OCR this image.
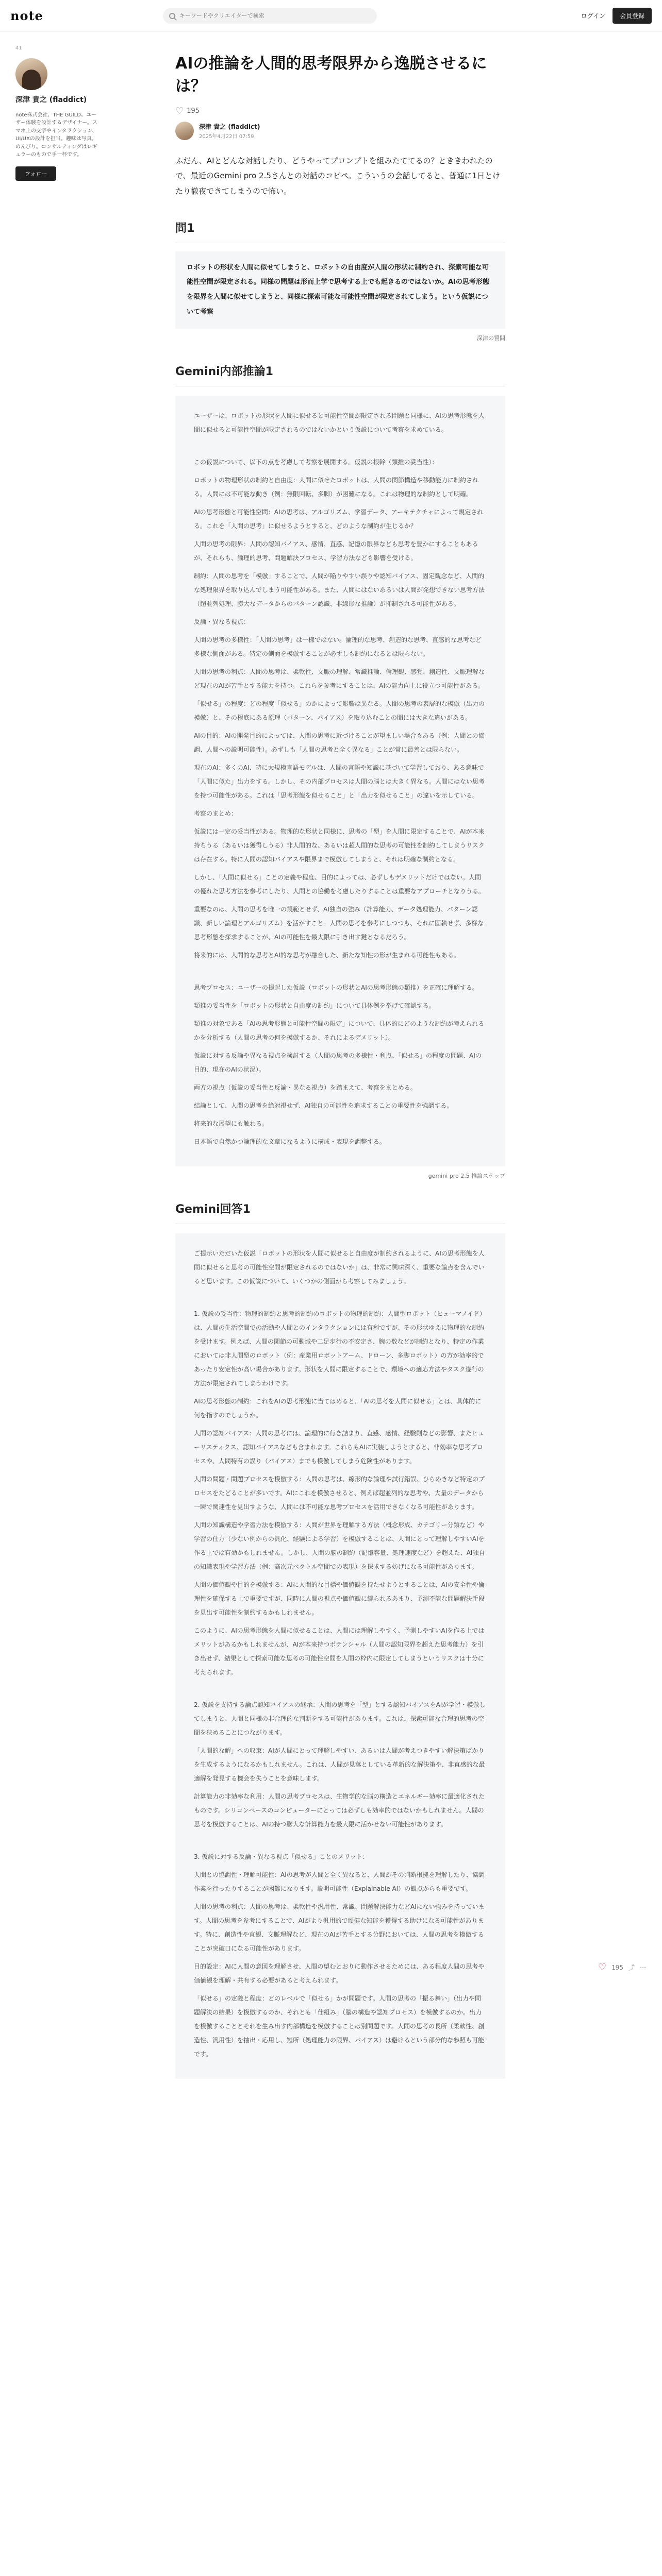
note
キーワードやクリエイターで検索	ログイン	会員登録
41
深津 貴之 (fladdict)
note株式会社、THE GUILD。ユーザー体験を設計するデザイナー。スマホ上の文字やインタラクション、UI/UXの設計を担当。趣味は写真。のんびり。コンサルティングはレギュラーのもので手一杯です。
フォロー
AIの推論を人間的思考限界から逸脱させるには？
♡ 195
深津 貴之 (fladdict)
2025年4月22日 07:59

ふだん、AIとどんな対話したり、どうやってプロンプトを組みたててるの？とききわれたので、最近のGemini pro 2.5さんとの対話のコピペ。こういうの会話してると、普通に1日とけたり徹夜できてしまうので怖い。

問1
ロボットの形状を人間に似せてしまうと、ロボットの自由度が人間の形状に制約され、探索可能な可能性空間が限定される。同様の問題は形而上学で思考する上でも起きるのではないか。AIの思考形態を限界を人間に似せてしまうと、同様に探索可能な可能性空間が限定されてしまう。という仮説について考察
深津の質問
Gemini内部推論1

ユーザーは、ロボットの形状を人間に似せると可能性空間が限定される問題と同様に、AIの思考形態を人間に似せると可能性空間が限定されるのではないかという仮説について考察を求めている。

この仮説について、以下の点を考慮して考察を展開する。仮説の根幹（類推の妥当性）：

ロボットの物理形状の制約と自由度：人間に似せたロボットは、人間の関節構造や移動能力に制約される。人間には不可能な動き（例：無限回転、多脚）が困難になる。これは物理的な制約として明確。

AIの思考形態と可能性空間：AIの思考は、アルゴリズム、学習データ、アーキテクチャによって規定される。これを「人間の思考」に似せるようとすると、どのような制約が生じるか？

人間の思考の限界：人間の認知バイアス、感情、直感、記憶の限界なども思考を豊かにすることもあるが、それらも、論理的思考、問題解決プロセス、学習方法なども影響を受ける。

制約：人間の思考を「模倣」することで、人間が陥りやすい誤りや認知バイアス、固定観念など、人間的な処理限界を取り込んでしまう可能性がある。また、人間にはないあるいは人間が発想できない思考方法（超並列処理、膨大なデータからのパターン認識、非線形な推論）が抑制される可能性がある。

反論・異なる視点：

人間の思考の多様性：「人間の思考」は一様ではない。論理的な思考、創造的な思考、直感的な思考など多様な側面がある。特定の側面を模倣することが必ずしも制約になるとは限らない。

人間の思考の利点：人間の思考は、柔軟性、文脈の理解、常識推論、倫理観、感覚、創造性、文脈理解など現在のAIが苦手とする能力を持つ。これらを参考にすることは、AIの能力向上に役立つ可能性がある。

「似せる」の程度：どの程度「似せる」のかによって影響は異なる。人間の思考の表層的な模倣（出力の模倣）と、その根底にある原理（パターン、バイアス）を取り込むことの間には大きな違いがある。

AIの目的：AIの開発目的によっては、人間の思考に近づけることが望ましい場合もある（例：人間との協調、人間への説明可能性）。必ずしも「人間の思考と全く異なる」ことが常に最善とは限らない。

現在のAI：多くのAI、特に大規模言語モデルは、人間の言語や知識に基づいて学習しており、ある意味で「人間に似た」出力をする。しかし、その内部プロセスは人間の脳とは大きく異なる。人間にはない思考を持つ可能性がある。これは「思考形態を似せること」と「出力を似せること」の違いを示している。

考察のまとめ：

仮説には一定の妥当性がある。物理的な形状と同様に、思考の「型」を人間に限定することで、AIが本来持ちうる（あるいは獲得しうる）非人間的な、あるいは超人間的な思考の可能性を制約してしまうリスクは存在する。特に人間の認知バイアスや限界まで模倣してしまうと、それは明確な制約となる。

しかし、「人間に似せる」ことの定義や程度、目的によっては、必ずしもデメリットだけではない。人間の優れた思考方法を参考にしたり、人間との協働を考慮したりすることは重要なアプローチとなりうる。

重要なのは、人間の思考を唯一の規範とせず、AI独自の強み（計算能力、データ処理能力、パターン認識、新しい論理とアルゴリズム）を活かすこと。人間の思考を参考にしつつも、それに固執せず、多様な思考形態を探求することが、AIの可能性を最大限に引き出す鍵となるだろう。

将来的には、人間的な思考とAI的な思考が融合した、新たな知性の形が生まれる可能性もある。

思考プロセス：ユーザーの提起した仮説（ロボットの形状とAIの思考形態の類推）を正確に理解する。

類推の妥当性を「ロボットの形状と自由度の制約」について具体例を挙げて確認する。

類推の対象である「AIの思考形態と可能性空間の限定」について、具体的にどのような制約が考えられるかを分析する（人間の思考の何を模倣するか、それによるデメリット）。

仮説に対する反論や異なる視点を検討する（人間の思考の多様性・利点、「似せる」の程度の問題、AIの目的、現在のAIの状況）。

両方の視点（仮説の妥当性と反論・異なる視点）を踏まえて、考察をまとめる。

結論として、人間の思考を絶対視せず、AI独自の可能性を追求することの重要性を強調する。

将来的な展望にも触れる。

日本語で自然かつ論理的な文章になるように構成・表現を調整する。

gemini pro 2.5 推論ステップ
Gemini回答1

ご提示いただいた仮説「ロボットの形状を人間に似せると自由度が制約されるように、AIの思考形態を人間に似せると思考の可能性空間が限定されるのではないか」は、非常に興味深く、重要な論点を含んでいると思います。この仮説について、いくつかの側面から考察してみましょう。

1. 仮説の妥当性：物理的制約と思考的制約のロボットの物理的制約：人間型ロボット（ヒューマノイド）は、人間の生活空間での活動や人間とのインタラクションには有利ですが、その形状ゆえに物理的な制約を受けます。例えば、人間の関節の可動域や二足歩行の不安定さ、腕の数などが制約となり、特定の作業においては非人間型のロボット（例：産業用ロボットアーム、ドローン、多脚ロボット）の方が効率的であったり安定性が高い場合があります。形状を人間に限定することで、環境への適応方法やタスク遂行の方法が限定されてしまうわけです。

AIの思考形態の制約：これをAIの思考形態に当てはめると、「AIの思考を人間に似せる」とは、具体的に何を指すのでしょうか。

人間の認知バイアス：人間の思考には、論理的に行き詰まり、直感、感情、経験則などの影響、またヒューリスティクス、認知バイアスなども含まれます。これらもAIに実装しようとすると、非効率な思考プロセスや、人間特有の誤り（バイアス）までも模倣してしまう危険性があります。

人間の問題・問題プロセスを模倣する：人間の思考は、線形的な論理や試行錯誤、ひらめきなど特定のプロセスをたどることが多いです。AIにこれを模倣させると、例えば超並列的な思考や、大量のデータから一瞬で関連性を見出すような、人間には不可能な思考プロセスを活用できなくなる可能性があります。

人間の知識構造や学習方法を模倣する：人間が世界を理解する方法（概念形成、カテゴリー分類など）や学習の仕方（少ない例からの汎化、経験による学習）を模倣することは、人間にとって理解しやすいAIを作る上では有効かもしれません。しかし、人間の脳の制約（記憶容量、処理速度など）を超えた、AI独自の知識表現や学習方法（例：高次元ベクトル空間での表現）を探求する妨げになる可能性があります。

人間の価値観や目的を模倣する：AIに人間的な目標や価値観を持たせようとすることは、AIの安全性や倫理性を確保する上で重要ですが、同時に人間の視点や価値観に縛られるあまり、予測不能な問題解決手段を見出す可能性を制約するかもしれません。

このように、AIの思考形態を人間に似せることは、人間には理解しやすく、予測しやすいAIを作る上ではメリットがあるかもしれませんが、AIが本来持つポテンシャル（人間の認知限界を超えた思考能力）を引き出せず、結果として探索可能な思考の可能性空間を人間の枠内に限定してしまうというリスクは十分に考えられます。

2. 仮説を支持する論点認知バイアスの継承：人間の思考を「型」とする認知バイアスをAIが学習・模倣してしまうと、人間と同様の非合理的な判断をする可能性があります。これは、探索可能な合理的思考の空間を狭めることにつながります。

「人間的な解」への収束：AIが人間にとって理解しやすい、あるいは人間が考えつきやすい解決策ばかりを生成するようになるかもしれません。これは、人間が見落としている革新的な解決策や、非直感的な最適解を発見する機会を失うことを意味します。

計算能力の非効率な利用：人間の思考プロセスは、生物学的な脳の構造とエネルギー効率に最適化されたものです。シリコンベースのコンピューターにとっては必ずしも効率的ではないかもしれません。人間の思考を模倣することは、AIの持つ膨大な計算能力を最大限に活かせない可能性があります。

3. 仮説に対する反論・異なる視点「似せる」ことのメリット：

人間との協調性・理解可能性：AIの思考が人間と全く異なると、人間がその判断根拠を理解したり、協調作業を行ったりすることが困難になります。説明可能性（Explainable AI）の観点からも重要です。

人間の思考の利点：人間の思考は、柔軟性や汎用性、常識、問題解決能力などAIにない強みを持っています。人間の思考を参考にすることで、AIがより汎用的で頑健な知能を獲得する助けになる可能性があります。特に、創造性や直観、文脈理解など、現在のAIが苦手とする分野においては、人間の思考を模倣することが突破口になる可能性があります。

目的設定：AIに人間の意図を理解させ、人間の望むとおりに動作させるためには、ある程度人間の思考や価値観を理解・共有する必要があると考えられます。

「似せる」の定義と程度：どのレベルで「似せる」かが問題です。人間の思考の「振る舞い」（出力や問題解決の結果）を模倣するのか、それとも「仕組み」（脳の構造や認知プロセス）を模倣するのか。出力を模倣することとそれを生み出す内部構造を模倣することは別問題です。人間の思考の長所（柔軟性、創造性、汎用性）を抽出・応用し、短所（処理能力の限界、バイアス）は避けるという部分的な参照も可能です。

♡ 195 ⤴ ⋯
